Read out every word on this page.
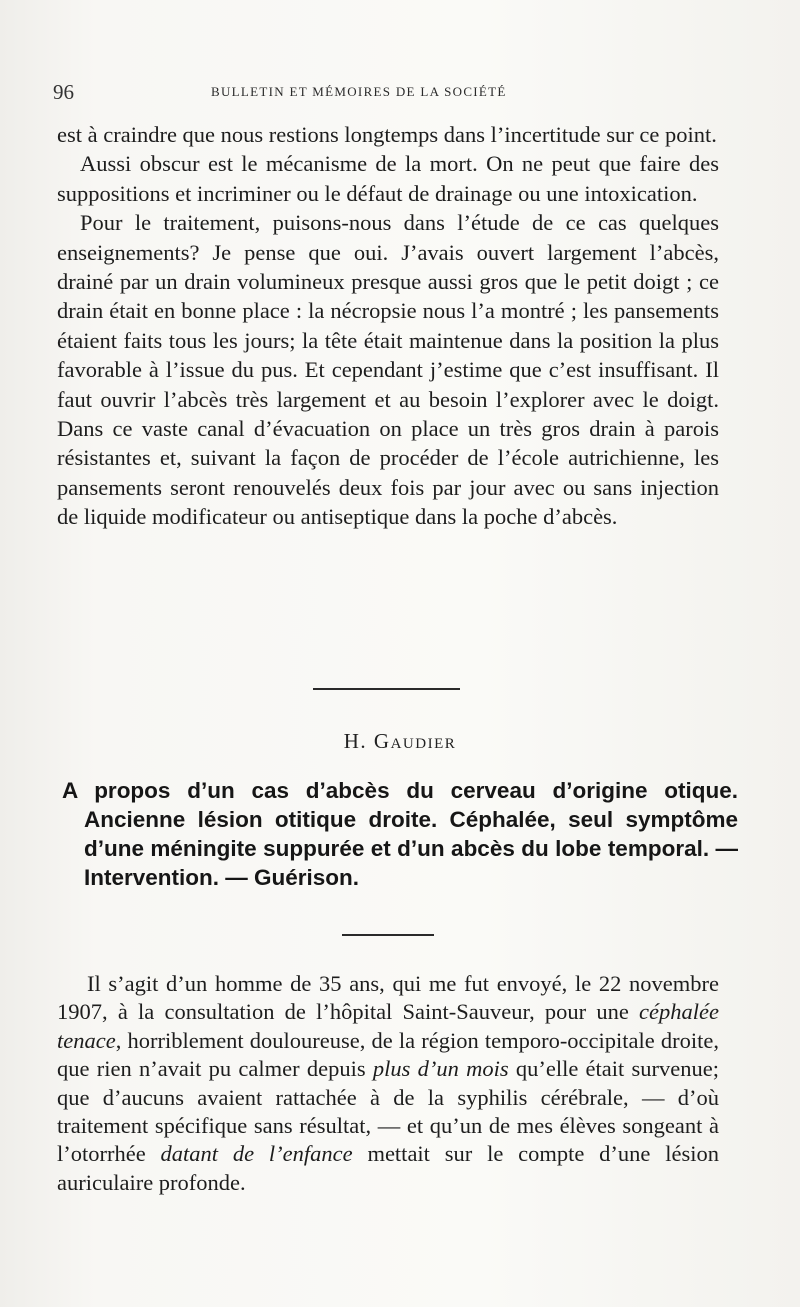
96	BULLETIN ET MÉMOIRES DE LA SOCIÉTÉ

est à craindre que nous restions longtemps dans l’incertitude sur ce point.

Aussi obscur est le mécanisme de la mort. On ne peut que faire des suppositions et incriminer ou le défaut de drainage ou une intoxication.

Pour le traitement, puisons-nous dans l’étude de ce cas quelques enseignements? Je pense que oui. J’avais ouvert largement l’abcès, drainé par un drain volumineux presque aussi gros que le petit doigt ; ce drain était en bonne place : la nécropsie nous l’a montré ; les pansements étaient faits tous les jours; la tête était maintenue dans la position la plus favorable à l’issue du pus. Et cependant j’estime que c’est insuffisant. Il faut ouvrir l’abcès très largement et au besoin l’explorer avec le doigt. Dans ce vaste canal d’évacuation on place un très gros drain à parois résistantes et, suivant la façon de procéder de l’école autrichienne, les pansements seront renouvelés deux fois par jour avec ou sans injection de liquide modificateur ou antiseptique dans la poche d’abcès.

H. Gaudier
A propos d’un cas d’abcès du cerveau d’origine otique. Ancienne lésion otitique droite. Céphalée, seul symptôme d’une méningite suppurée et d’un abcès du lobe temporal. — Intervention. — Guérison.

Il s’agit d’un homme de 35 ans, qui me fut envoyé, le 22 novembre 1907, à la consultation de l’hôpital Saint-Sauveur, pour une céphalée tenace, horriblement douloureuse, de la région temporo-occipitale droite, que rien n’avait pu calmer depuis plus d’un mois qu’elle était survenue; que d’aucuns avaient rattachée à de la syphilis cérébrale, — d’où traitement spécifique sans résultat, — et qu’un de mes élèves songeant à l’otorrhée datant de l’enfance mettait sur le compte d’une lésion auriculaire profonde.
